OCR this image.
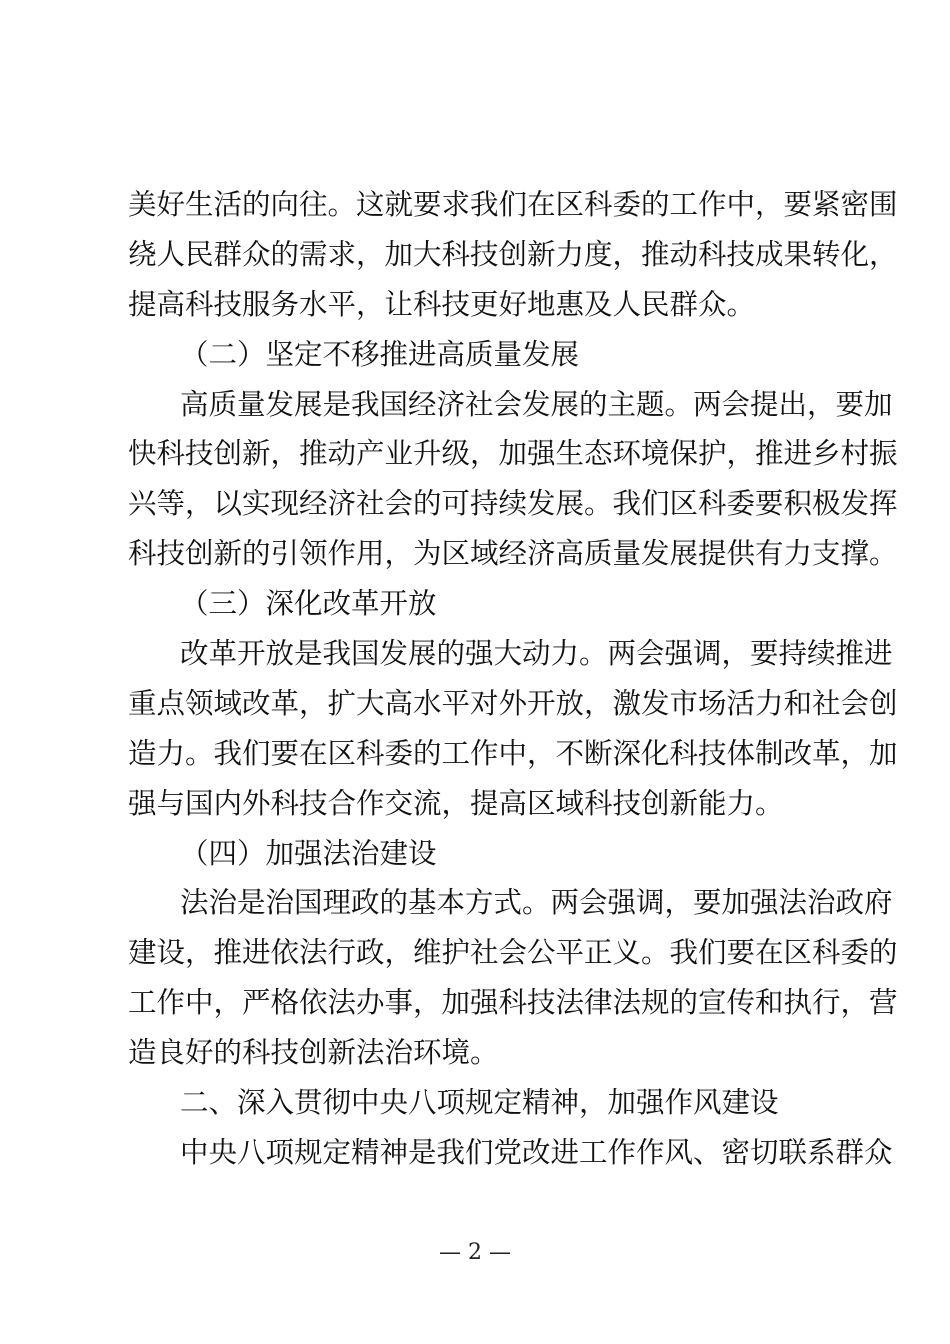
美好生活的向往。这就要求我们在区科委的工作中，要紧密围
绕人民群众的需求，加大科技创新力度，推动科技成果转化，
提高科技服务水平，让科技更好地惠及人民群众。
（二）坚定不移推进高质量发展
高质量发展是我国经济社会发展的主题。两会提出，要加
快科技创新，推动产业升级，加强生态环境保护，推进乡村振
兴等，以实现经济社会的可持续发展。我们区科委要积极发挥
科技创新的引领作用，为区域经济高质量发展提供有力支撑。
（三）深化改革开放
改革开放是我国发展的强大动力。两会强调，要持续推进
重点领域改革，扩大高水平对外开放，激发市场活力和社会创
造力。我们要在区科委的工作中，不断深化科技体制改革，加
强与国内外科技合作交流，提高区域科技创新能力。
（四）加强法治建设
法治是治国理政的基本方式。两会强调，要加强法治政府
建设，推进依法行政，维护社会公平正义。我们要在区科委的
工作中，严格依法办事，加强科技法律法规的宣传和执行，营
造良好的科技创新法治环境。
二、深入贯彻中央八项规定精神，加强作风建设
中央八项规定精神是我们党改进工作作风、密切联系群众
— 2 —
